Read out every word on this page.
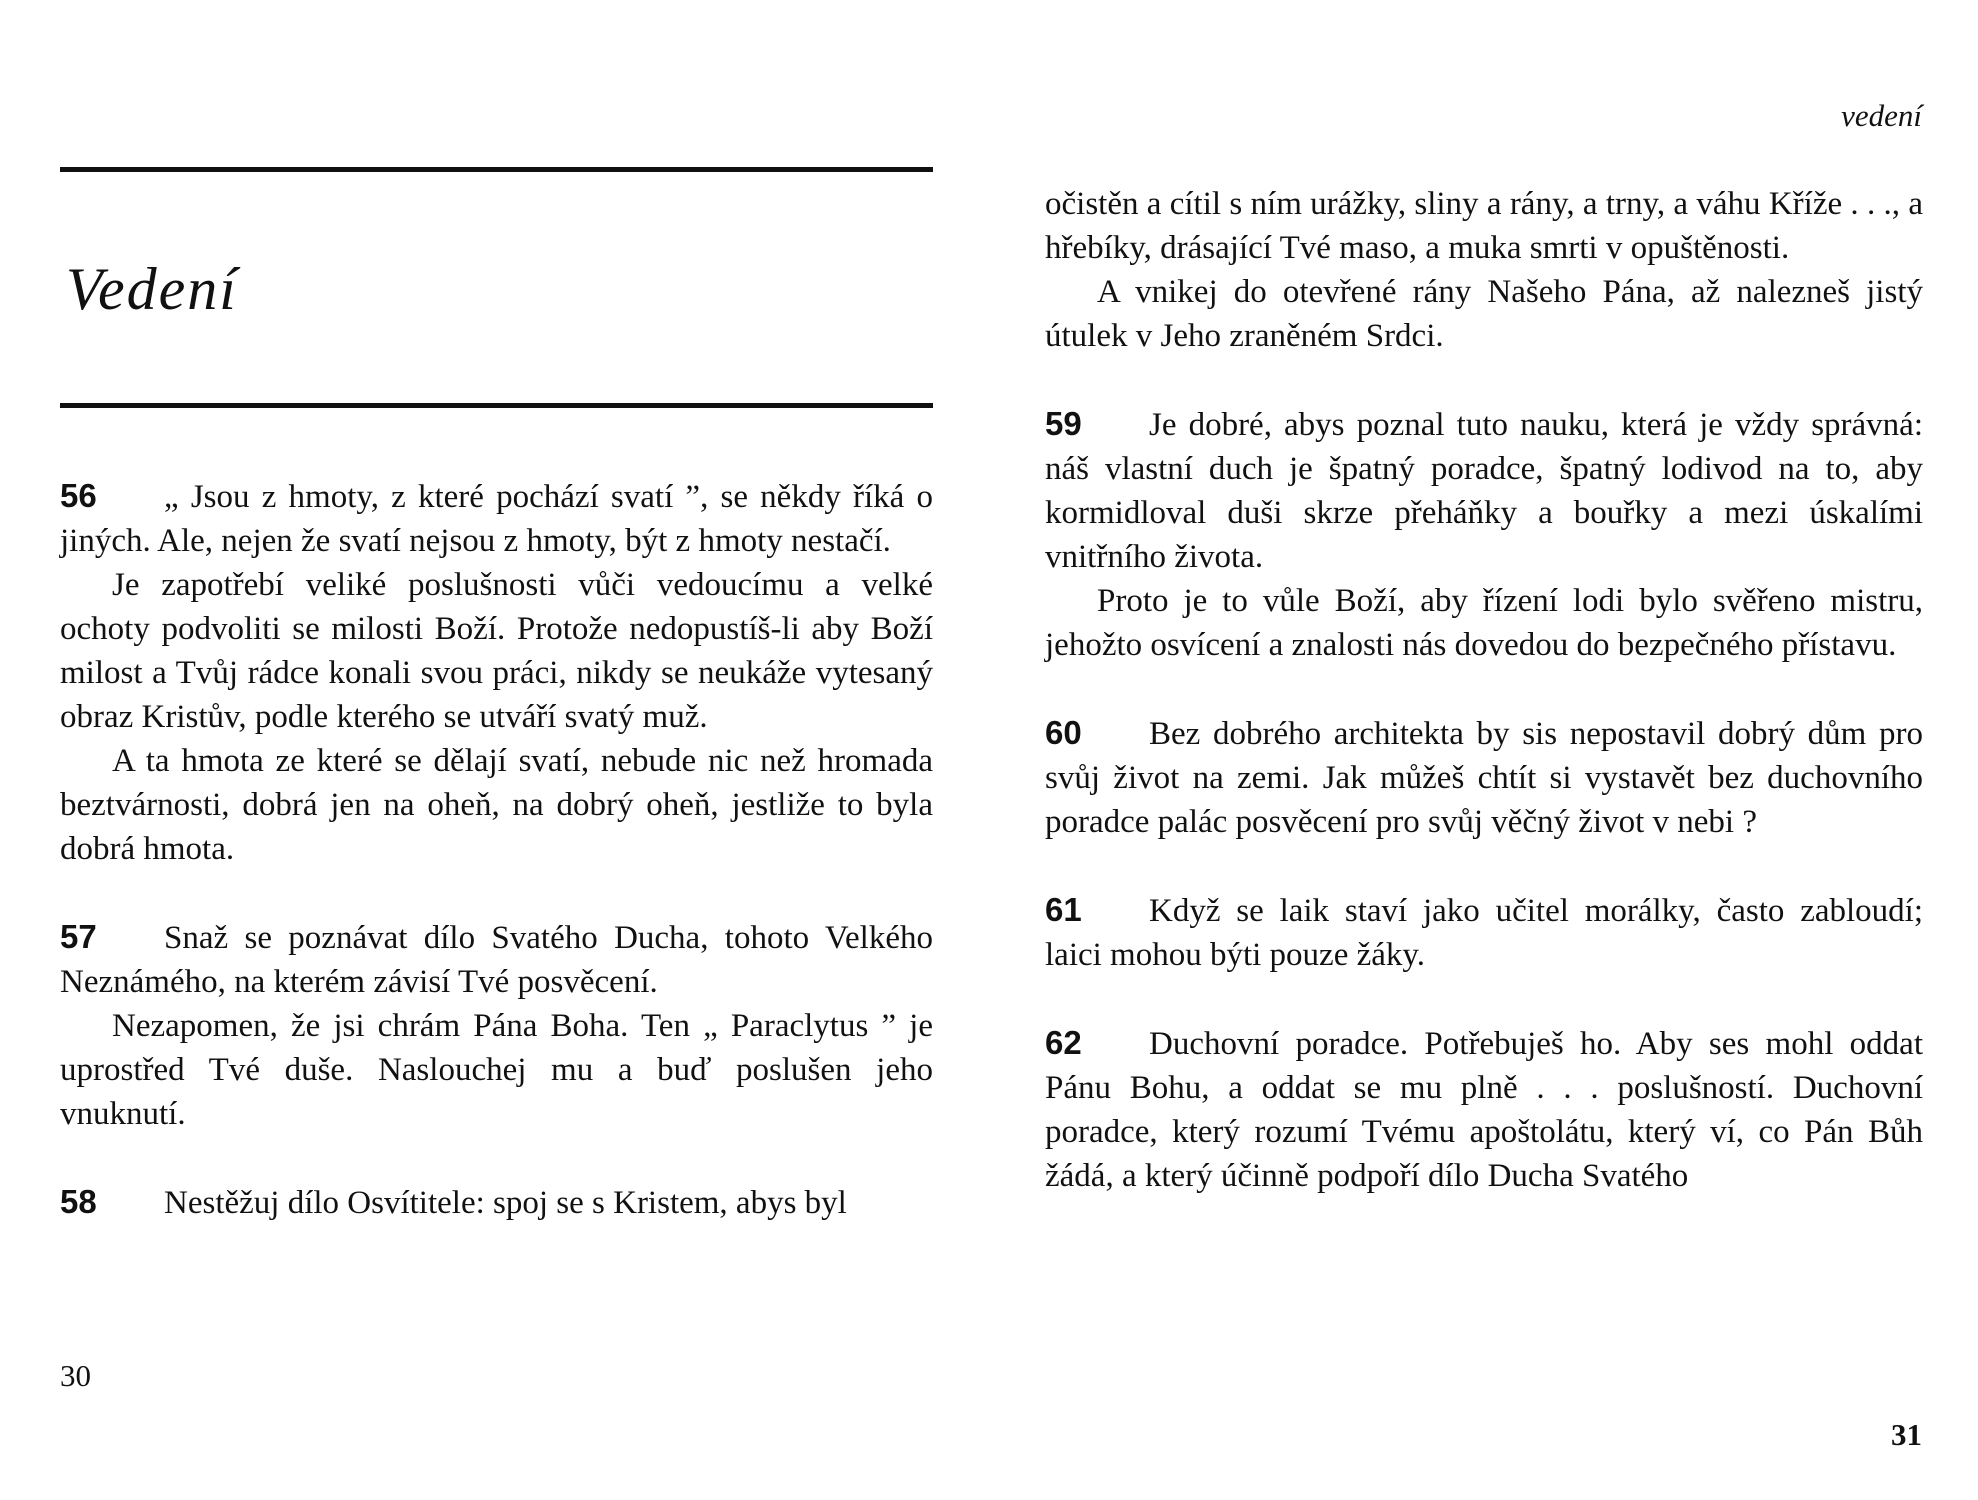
Vedení

56 „ Jsou z hmoty, z které pochází svatí ”, se někdy říká o jiných. Ale, nejen že svatí nejsou z hmoty, být z hmoty nestačí.

Je zapotřebí veliké poslušnosti vůči vedoucímu a velké ochoty podvoliti se milosti Boží. Protože nedopustíš-li aby Boží milost a Tvůj rádce konali svou práci, nikdy se neukáže vytesaný obraz Kristův, podle kterého se utváří svatý muž.

A ta hmota ze které se dělají svatí, nebude nic než hromada beztvárnosti, dobrá jen na oheň, na dobrý oheň, jestliže to byla dobrá hmota.

57 Snaž se poznávat dílo Svatého Ducha, tohoto Velkého Neznámého, na kterém závisí Tvé posvěcení.

Nezapomen, že jsi chrám Pána Boha. Ten „ Paraclytus ” je uprostřed Tvé duše. Naslouchej mu a buď poslušen jeho vnuknutí.

58 Nestěžuj dílo Osvítitele: spoj se s Kristem, abys byl

30
vedení

očistěn a cítil s ním urážky, sliny a rány, a trny, a váhu Kříže . . ., a hřebíky, drásající Tvé maso, a muka smrti v opuštěnosti.

A vnikej do otevřené rány Našeho Pána, až nalezneš jistý útulek v Jeho zraněném Srdci.

59 Je dobré, abys poznal tuto nauku, která je vždy správná: náš vlastní duch je špatný poradce, špatný lodivod na to, aby kormidloval duši skrze přeháňky a bouřky a mezi úskalími vnitřního života.

Proto je to vůle Boží, aby řízení lodi bylo svěřeno mistru, jehožto osvícení a znalosti nás dovedou do bezpečného přístavu.

60 Bez dobrého architekta by sis nepostavil dobrý dům pro svůj život na zemi. Jak můžeš chtít si vystavět bez duchovního poradce palác posvěcení pro svůj věčný život v nebi ?

61 Když se laik staví jako učitel morálky, často zabloudí; laici mohou býti pouze žáky.

62 Duchovní poradce. Potřebuješ ho. Aby ses mohl oddat Pánu Bohu, a oddat se mu plně . . . poslušností. Duchovní poradce, který rozumí Tvému apoštolátu, který ví, co Pán Bůh žádá, a který účinně podpoří dílo Ducha Svatého

31
